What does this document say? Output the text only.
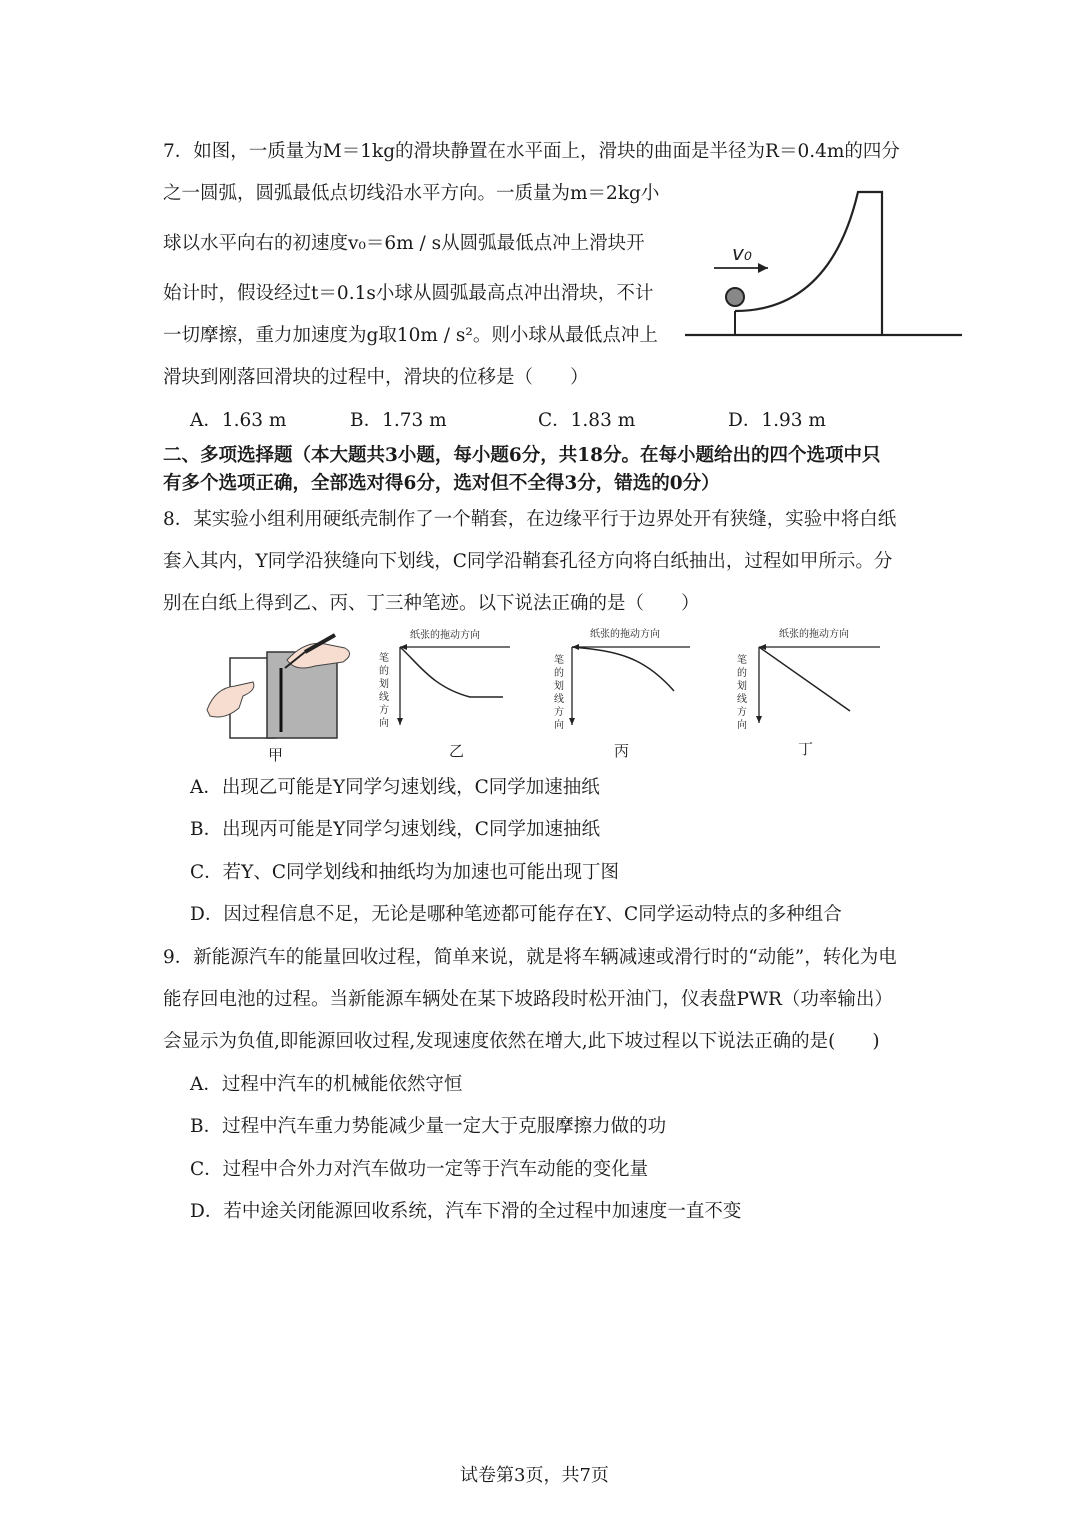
7．如图，一质量为M＝1kg的滑块静置在水平面上，滑块的曲面是半径为R＝0.4m的四分
之一圆弧，圆弧最低点切线沿水平方向。一质量为m＝2kg小
球以水平向右的初速度v₀＝6m / s从圆弧最低点冲上滑块开
始计时，假设经过t＝0.1s小球从圆弧最高点冲出滑块，不计
一切摩擦，重力加速度为g取10m / s²。则小球从最低点冲上
滑块到刚落回滑块的过程中，滑块的位移是（　　）
v₀
A．1.63 m	B．1.73 m	C．1.83 m	D．1.93 m
二、多项选择题（本大题共3小题，每小题6分，共18分。在每小题给出的四个选项中只
有多个选项正确，全部选对得6分，选对但不全得3分，错选的0分）
8．某实验小组利用硬纸壳制作了一个鞘套，在边缘平行于边界处开有狭缝，实验中将白纸
套入其内，Y同学沿狭缝向下划线，C同学沿鞘套孔径方向将白纸抽出，过程如甲所示。分
别在白纸上得到乙、丙、丁三种笔迹。以下说法正确的是（　　）
纸张的拖动方向
笔
的
划
线
方
向
纸张的拖动方向
笔
的
划
线
方
向
纸张的拖动方向
笔
的
划
线
方
向
甲	乙	丙	丁
A．出现乙可能是Y同学匀速划线，C同学加速抽纸
B．出现丙可能是Y同学匀速划线，C同学加速抽纸
C．若Y、C同学划线和抽纸均为加速也可能出现丁图
D．因过程信息不足，无论是哪种笔迹都可能存在Y、C同学运动特点的多种组合
9．新能源汽车的能量回收过程，简单来说，就是将车辆减速或滑行时的“动能”，转化为电
能存回电池的过程。当新能源车辆处在某下坡路段时松开油门，仪表盘PWR（功率输出）
会显示为负值,即能源回收过程,发现速度依然在增大,此下坡过程以下说法正确的是(　　)
A．过程中汽车的机械能依然守恒
B．过程中汽车重力势能减少量一定大于克服摩擦力做的功
C．过程中合外力对汽车做功一定等于汽车动能的变化量
D．若中途关闭能源回收系统，汽车下滑的全过程中加速度一直不变
试卷第3页，共7页
